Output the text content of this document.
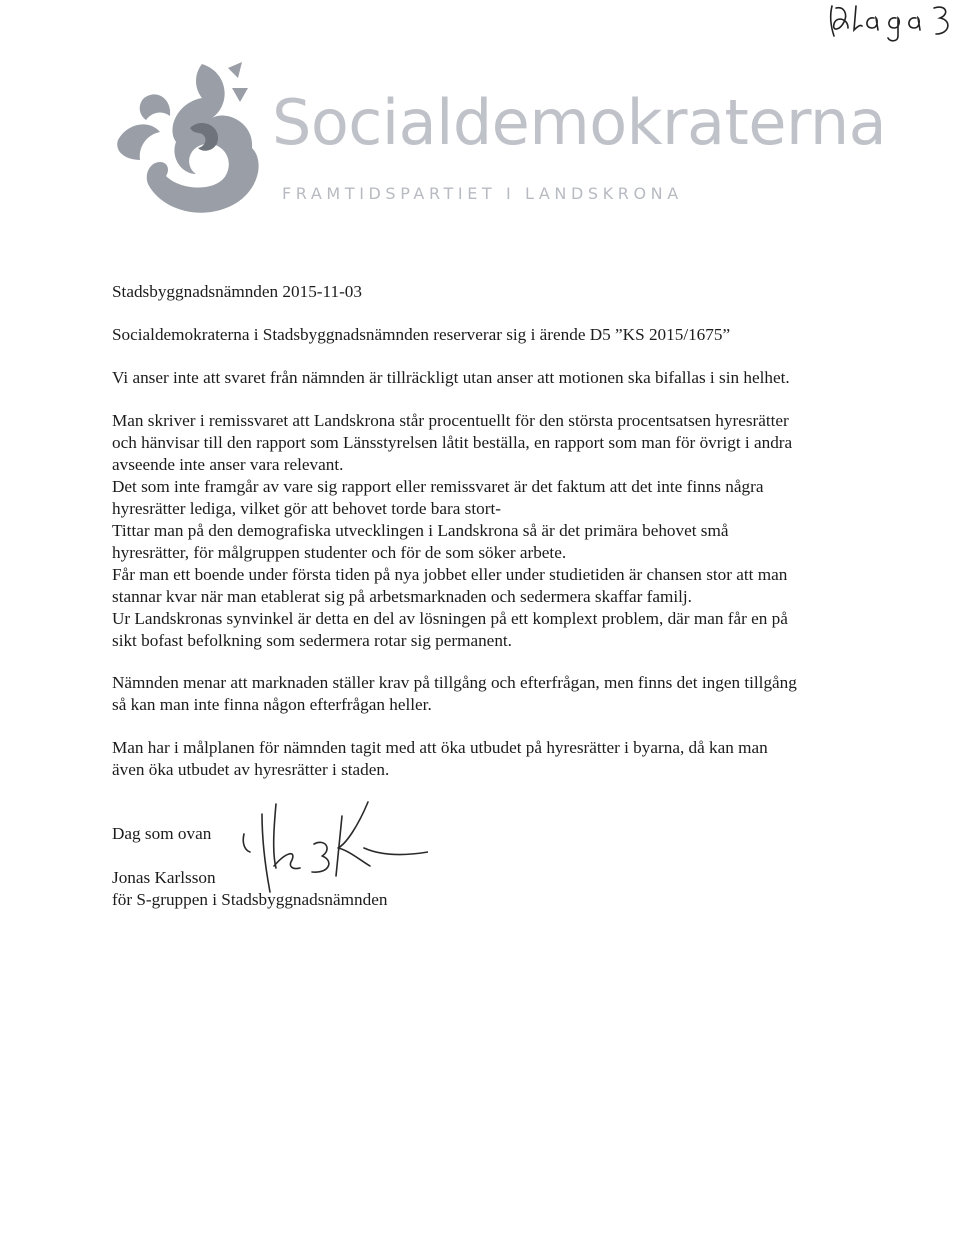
Socialdemokraterna
FRAMTIDSPARTIET I LANDSKRONA
Stadsbyggnadsnämnden 2015-11-03
Socialdemokraterna i Stadsbyggnadsnämnden reserverar sig i ärende D5 ”KS 2015/1675”
Vi anser inte att svaret från nämnden är tillräckligt utan anser att motionen ska bifallas i sin helhet.
Man skriver i remissvaret att Landskrona står procentuellt för den största procentsatsen hyresrätter
och hänvisar till den rapport som Länsstyrelsen låtit beställa, en rapport som man för övrigt i andra
avseende inte anser vara relevant.
Det som inte framgår av vare sig rapport eller remissvaret är det faktum att det inte finns några
hyresrätter lediga, vilket gör att behovet torde bara stort-
Tittar man på den demografiska utvecklingen i Landskrona så är det primära behovet små
hyresrätter, för målgruppen studenter och för de som söker arbete.
Får man ett boende under första tiden på nya jobbet eller under studietiden är chansen stor att man
stannar kvar när man etablerat sig på arbetsmarknaden och sedermera skaffar familj.
Ur Landskronas synvinkel är detta en del av lösningen på ett komplext problem, där man får en på
sikt bofast befolkning som sedermera rotar sig permanent.
Nämnden menar att marknaden ställer krav på tillgång och efterfrågan, men finns det ingen tillgång
så kan man inte finna någon efterfrågan heller.
Man har i målplanen för nämnden tagit med att öka utbudet på hyresrätter i byarna, då kan man
även öka utbudet av hyresrätter i staden.
Dag som ovan
Jonas Karlsson
för S-gruppen i Stadsbyggnadsnämnden
